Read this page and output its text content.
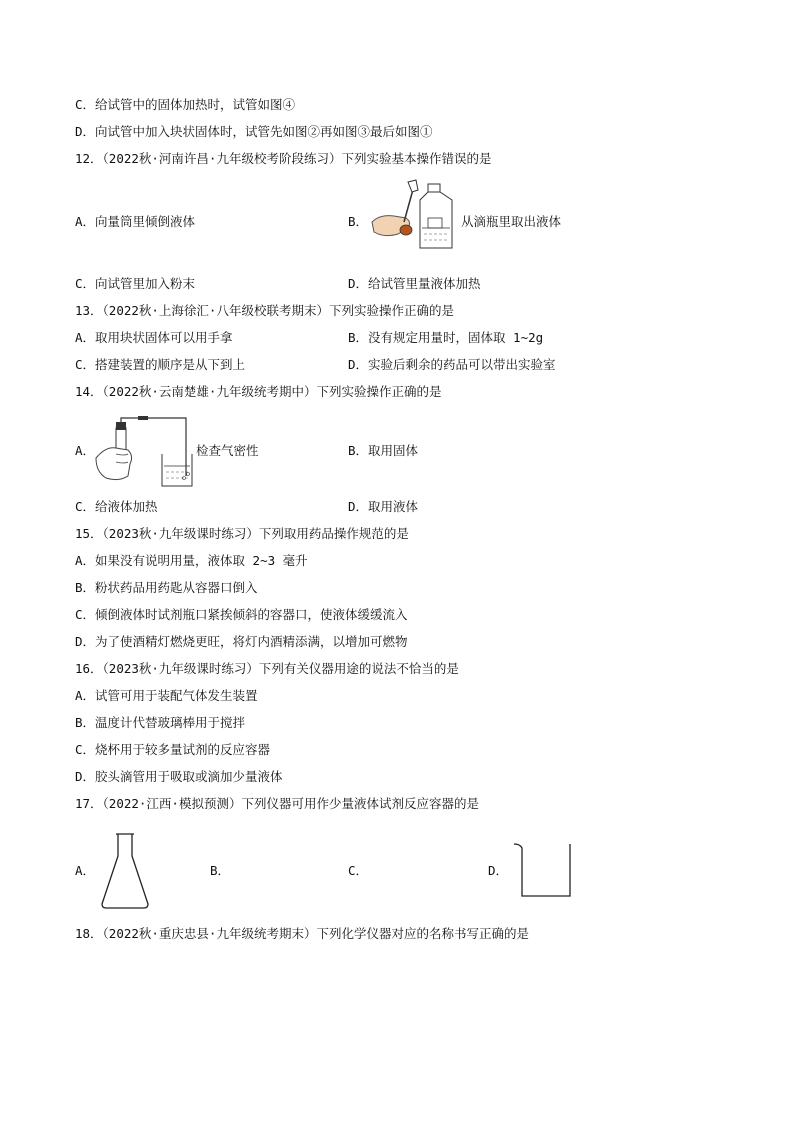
C．给试管中的固体加热时，试管如图④
D．向试管中加入块状固体时，试管先如图②再如图③最后如图①
12．（2022秋·河南许昌·九年级校考阶段练习）下列实验基本操作错误的是
A．向量筒里倾倒液体	B．	从滴瓶里取出液体
C．向试管里加入粉末	D．给试管里量液体加热
13．（2022秋·上海徐汇·八年级校联考期末）下列实验操作正确的是
A．取用块状固体可以用手拿	B．没有规定用量时，固体取 1~2g
C．搭建装置的顺序是从下到上	D．实验后剩余的药品可以带出实验室
14．（2022秋·云南楚雄·九年级统考期中）下列实验操作正确的是
A．	检查气密性	B．取用固体
C．给液体加热	D．取用液体
15．（2023秋·九年级课时练习）下列取用药品操作规范的是
A．如果没有说明用量，液体取 2~3 毫升
B．粉状药品用药匙从容器口倒入
C．倾倒液体时试剂瓶口紧挨倾斜的容器口，使液体缓缓流入
D．为了使酒精灯燃烧更旺，将灯内酒精添满，以增加可燃物
16．（2023秋·九年级课时练习）下列有关仪器用途的说法不恰当的是
A．试管可用于装配气体发生装置
B．温度计代替玻璃棒用于搅拌
C．烧杯用于较多量试剂的反应容器
D．胶头滴管用于吸取或滴加少量液体
17．（2022·江西·模拟预测）下列仪器可用作少量液体试剂反应容器的是
A．	B．	C．	D．
18．（2022秋·重庆忠县·九年级统考期末）下列化学仪器对应的名称书写正确的是
